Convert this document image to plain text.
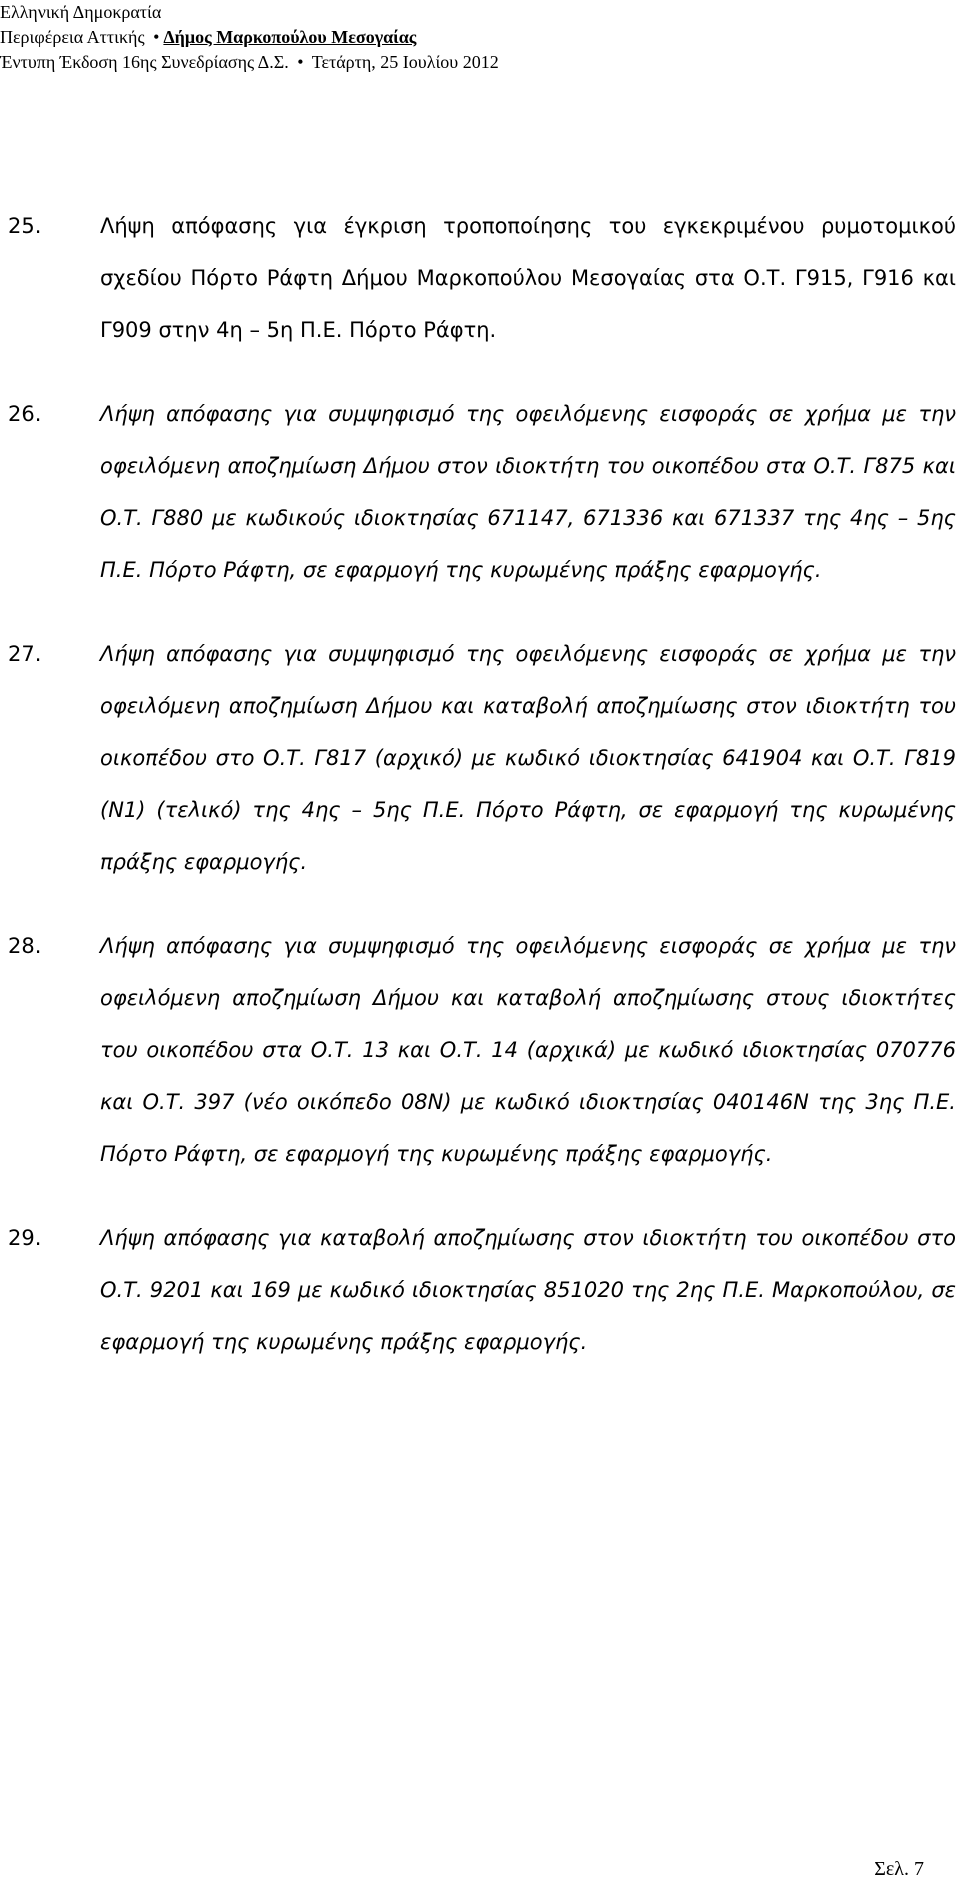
Ελληνική Δημοκρατία
Περιφέρεια Αττικής • Δήμος Μαρκοπούλου Μεσογαίας
Έντυπη Έκδοση 16ης Συνεδρίασης Δ.Σ. • Τετάρτη, 25 Ιουλίου 2012
25.	Λήψη απόφασης για έγκριση τροποποίησης του εγκεκριμένου ρυμοτομικού σχεδίου Πόρτο Ράφτη Δήμου Μαρκοπούλου Μεσογαίας στα Ο.Τ. Γ915, Γ916 και Γ909 στην 4η – 5η Π.Ε. Πόρτο Ράφτη.
26.	Λήψη απόφασης για συμψηφισμό της οφειλόμενης εισφοράς σε χρήμα με την οφειλόμενη αποζημίωση Δήμου στον ιδιοκτήτη του οικοπέδου στα Ο.Τ. Γ875 και Ο.Τ. Γ880 με κωδικούς ιδιοκτησίας 671147, 671336 και 671337 της 4ης – 5ης Π.Ε. Πόρτο Ράφτη, σε εφαρμογή της κυρωμένης πράξης εφαρμογής.
27.	Λήψη απόφασης για συμψηφισμό της οφειλόμενης εισφοράς σε χρήμα με την οφειλόμενη αποζημίωση Δήμου και καταβολή αποζημίωσης στον ιδιοκτήτη του οικοπέδου στο Ο.Τ. Γ817 (αρχικό) με κωδικό ιδιοκτησίας 641904 και Ο.Τ. Γ819 (Ν1) (τελικό) της 4ης – 5ης Π.Ε. Πόρτο Ράφτη, σε εφαρμογή της κυρωμένης πράξης εφαρμογής.
28.	Λήψη απόφασης για συμψηφισμό της οφειλόμενης εισφοράς σε χρήμα με την οφειλόμενη αποζημίωση Δήμου και καταβολή αποζημίωσης στους ιδιοκτήτες του οικοπέδου στα Ο.Τ. 13 και Ο.Τ. 14 (αρχικά) με κωδικό ιδιοκτησίας 070776 και Ο.Τ. 397 (νέο οικόπεδο 08Ν) με κωδικό ιδιοκτησίας 040146Ν της 3ης Π.Ε. Πόρτο Ράφτη, σε εφαρμογή της κυρωμένης πράξης εφαρμογής.
29.	Λήψη απόφασης για καταβολή αποζημίωσης στον ιδιοκτήτη του οικοπέδου στο Ο.Τ. 9201 και 169 με κωδικό ιδιοκτησίας 851020 της 2ης Π.Ε. Μαρκοπούλου, σε εφαρμογή της κυρωμένης πράξης εφαρμογής.
Σελ. 7
